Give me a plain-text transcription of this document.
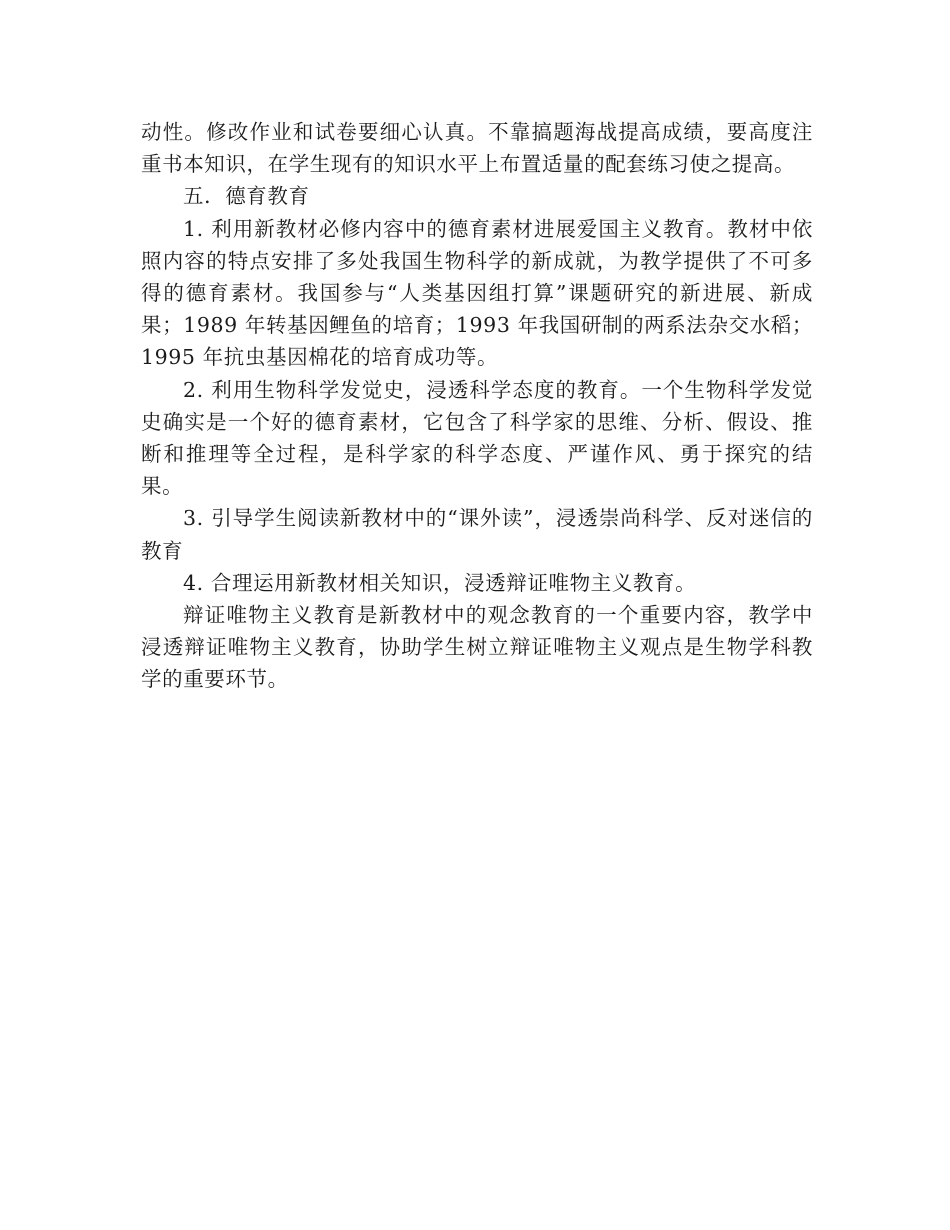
动性。修改作业和试卷要细心认真。不靠搞题海战提高成绩，要高度注重书本知识，在学生现有的知识水平上布置适量的配套练习使之提高。

五．德育教育

1. 利用新教材必修内容中的德育素材进展爱国主义教育。教材中依照内容的特点安排了多处我国生物科学的新成就，为教学提供了不可多得的德育素材。我国参与“人类基因组打算”课题研究的新进展、新成果；1989 年转基因鲤鱼的培育；1993 年我国研制的两系法杂交水稻；1995 年抗虫基因棉花的培育成功等。

2. 利用生物科学发觉史，浸透科学态度的教育。一个生物科学发觉史确实是一个好的德育素材，它包含了科学家的思维、分析、假设、推断和推理等全过程，是科学家的科学态度、严谨作风、勇于探究的结果。

3. 引导学生阅读新教材中的“课外读”，浸透崇尚科学、反对迷信的教育

4. 合理运用新教材相关知识，浸透辩证唯物主义教育。

辩证唯物主义教育是新教材中的观念教育的一个重要内容，教学中浸透辩证唯物主义教育，协助学生树立辩证唯物主义观点是生物学科教学的重要环节。
